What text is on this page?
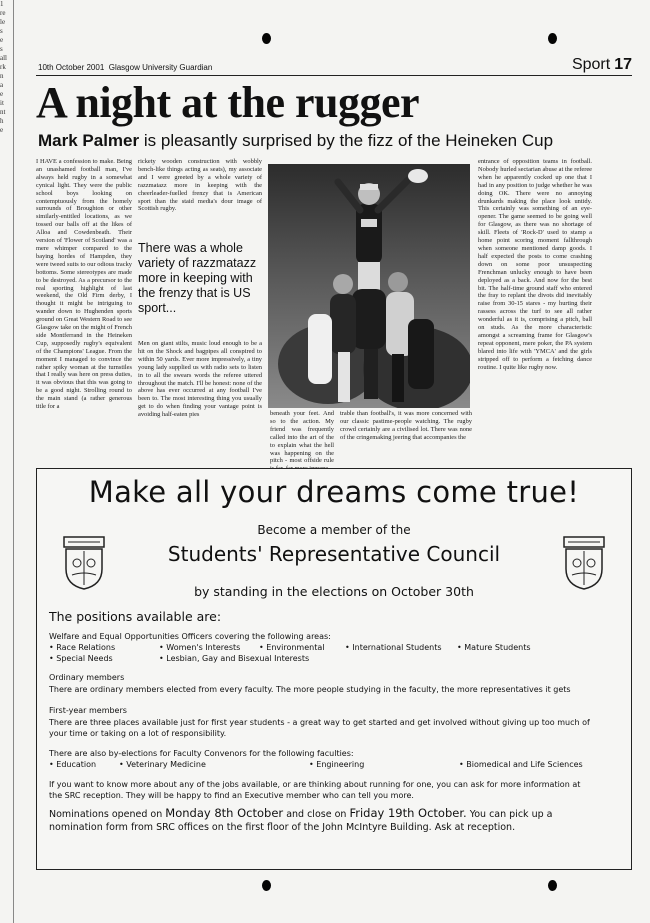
1
re
le
s
e
s
all
rk
n
a
e
it
nt
h
e
10th October 2001 Glasgow University Guardian	Sport 17
A night at the rugger
Mark Palmer is pleasantly surprised by the fizz of the Heineken Cup
I HAVE a confession to make. Being an unashamed football man, I've always held rugby in a somewhat cynical light. They were the public school boys looking on contemptuously from the homely surrounds of Broughton or other similarly-entitled locations, as we tossed our balls off at the likes of Alloa and Cowdenbeath. Their version of 'Flower of Scotland' was a mere whimper compared to the baying hordes of Hampden, they were tweed suits to our odious tracky bottoms. Some stereotypes are made to be destroyed. As a precursor to the real sporting highlight of last weekend, the Old Firm derby, I thought it might be intriguing to wander down to Hughenden sports ground on Great Western Road to see Glasgow take on the might of French side Montferrand in the Heineken Cup, supposedly rugby's equivalent of the Champions' League. From the moment I managed to convince the rather spiky woman at the turnstiles that I really was here on press duties, it was obvious that this was going to be a good night. Strolling round to the main stand (a rather generous title for a
rickety wooden construction with wobbly bench-like things acting as seats), my associate and I were greeted by a whole variety of razzmatazz more in keeping with the cheerleader-fuelled frenzy that is American sport than the staid media's dour image of Scottish rugby.
There was a whole variety of razzmatazz more in keeping with the frenzy that is US sport...
Men on giant stilts, music loud enough to be a hit on the Shock and bagpipes all conspired to within 50 yards. Ever more impressively, a tiny young lady supplied us with radio sets to listen in to all the swears words the referee uttered throughout the match. I'll be honest: none of the above has ever occurred at any football I've been to. The most interesting thing you usually get to do when finding your vantage point is avoiding half-eaten pies	beneath your feet. And so to the action. My friend was frequently called into the art of the to explain what the hell was happening on the pitch - most offside rule
trable than football's, it was more concerned with our classic pastime-people watching. The rugby crowd certainly are a civilised lot. There was none of the cringemaking jeering that accompanies the
entrance of opposition teams in football. Nobody hurled sectarian abuse at the referee when he apparently cocked up one that I had in any position to judge whether he was doing OK. There were no annoying drunkards making the place look untidy. This certainly was something of an eye-opener. The game seemed to be going well for Glasgow, as there was no shortage of skill. Fleets of 'Rock-D' used to stamp a home point scoring moment fallthrough when someone mentioned damp goods. I half expected the posts to come crashing down on some poor unsuspecting Frenchman unlucky enough to have been deployed as a back. And now for the best bit. The half-time ground staff who entered the fray to replant the divots did inevitably raise from 30-15 stares - my hurting their rassess across the turf to see all rather wonderful as it is, comprising a pitch, ball on studs. As the more characteristic amongst a screaming frame for Glasgow's repeat opponent, mere poker, the PA system blared into life with 'YMCA' and the girls stripped off to perform a fetching dance routine. I quite like rugby now.
Make all your dreams come true!
Become a member of the
Students' Representative Council
by standing in the elections on October 30th
The positions available are:
Welfare and Equal Opportunities Officers covering the following areas:
• Race Relations	• Women's Interests	• Environmental	• International Students	• Mature Students
• Special Needs	• Lesbian, Gay and Bisexual Interests
Ordinary members
There are ordinary members elected from every faculty. The more people studying in the faculty, the more representatives it gets
First-year members
There are three places available just for first year students - a great way to get started and get involved without giving up too much of
your time or taking on a lot of responsibility.
There are also by-elections for Faculty Convenors for the following faculties:
• Education	• Veterinary Medicine	• Engineering	• Biomedical and Life Sciences
If you want to know more about any of the jobs available, or are thinking about running for one, you can ask for more information at
the SRC reception. They will be happy to find an Executive member who can tell you more.
Nominations opened on Monday 8th October and close on Friday 19th October. You can pick up a
nomination form from SRC offices on the first floor of the John McIntyre Building. Ask at reception.
